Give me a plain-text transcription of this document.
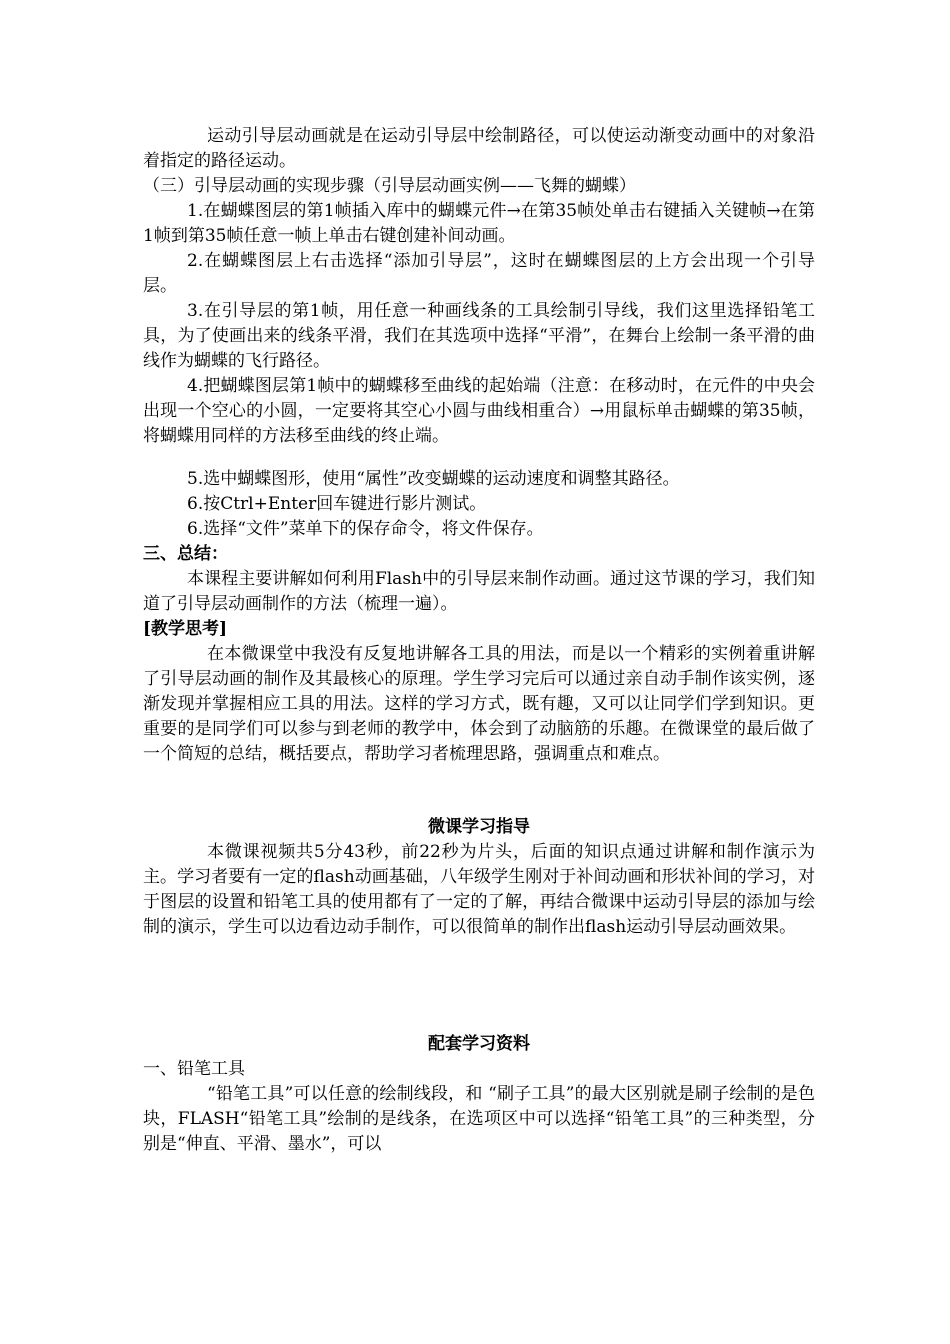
运动引导层动画就是在运动引导层中绘制路径，可以使运动渐变动画中的对象沿着指定的路径运动。

（三）引导层动画的实现步骤（引导层动画实例——飞舞的蝴蝶）

1.在蝴蝶图层的第1帧插入库中的蝴蝶元件→在第35帧处单击右键插入关键帧→在第1帧到第35帧任意一帧上单击右键创建补间动画。

2.在蝴蝶图层上右击选择“添加引导层”，这时在蝴蝶图层的上方会出现一个引导层。

3.在引导层的第1帧，用任意一种画线条的工具绘制引导线，我们这里选择铅笔工具，为了使画出来的线条平滑，我们在其选项中选择“平滑”，在舞台上绘制一条平滑的曲线作为蝴蝶的飞行路径。

4.把蝴蝶图层第1帧中的蝴蝶移至曲线的起始端（注意：在移动时，在元件的中央会出现一个空心的小圆，一定要将其空心小圆与曲线相重合）→用鼠标单击蝴蝶的第35帧，将蝴蝶用同样的方法移至曲线的终止端。

5.选中蝴蝶图形，使用“属性”改变蝴蝶的运动速度和调整其路径。

6.按Ctrl+Enter回车键进行影片测试。

6.选择“文件”菜单下的保存命令，将文件保存。

三、总结：

本课程主要讲解如何利用Flash中的引导层来制作动画。通过这节课的学习，我们知道了引导层动画制作的方法（梳理一遍）。

[教学思考]

在本微课堂中我没有反复地讲解各工具的用法，而是以一个精彩的实例着重讲解了引导层动画的制作及其最核心的原理。学生学习完后可以通过亲自动手制作该实例，逐渐发现并掌握相应工具的用法。这样的学习方式，既有趣，又可以让同学们学到知识。更重要的是同学们可以参与到老师的教学中，体会到了动脑筋的乐趣。在微课堂的最后做了一个简短的总结，概括要点，帮助学习者梳理思路，强调重点和难点。

微课学习指导

本微课视频共5分43秒，前22秒为片头，后面的知识点通过讲解和制作演示为主。学习者要有一定的flash动画基础，八年级学生刚对于补间动画和形状补间的学习，对于图层的设置和铅笔工具的使用都有了一定的了解，再结合微课中运动引导层的添加与绘制的演示，学生可以边看边动手制作，可以很简单的制作出flash运动引导层动画效果。

配套学习资料

一、铅笔工具

“铅笔工具”可以任意的绘制线段，和 “刷子工具”的最大区别就是刷子绘制的是色块，FLASH“铅笔工具”绘制的是线条，在选项区中可以选择“铅笔工具”的三种类型，分别是“伸直、平滑、墨水”，可以
